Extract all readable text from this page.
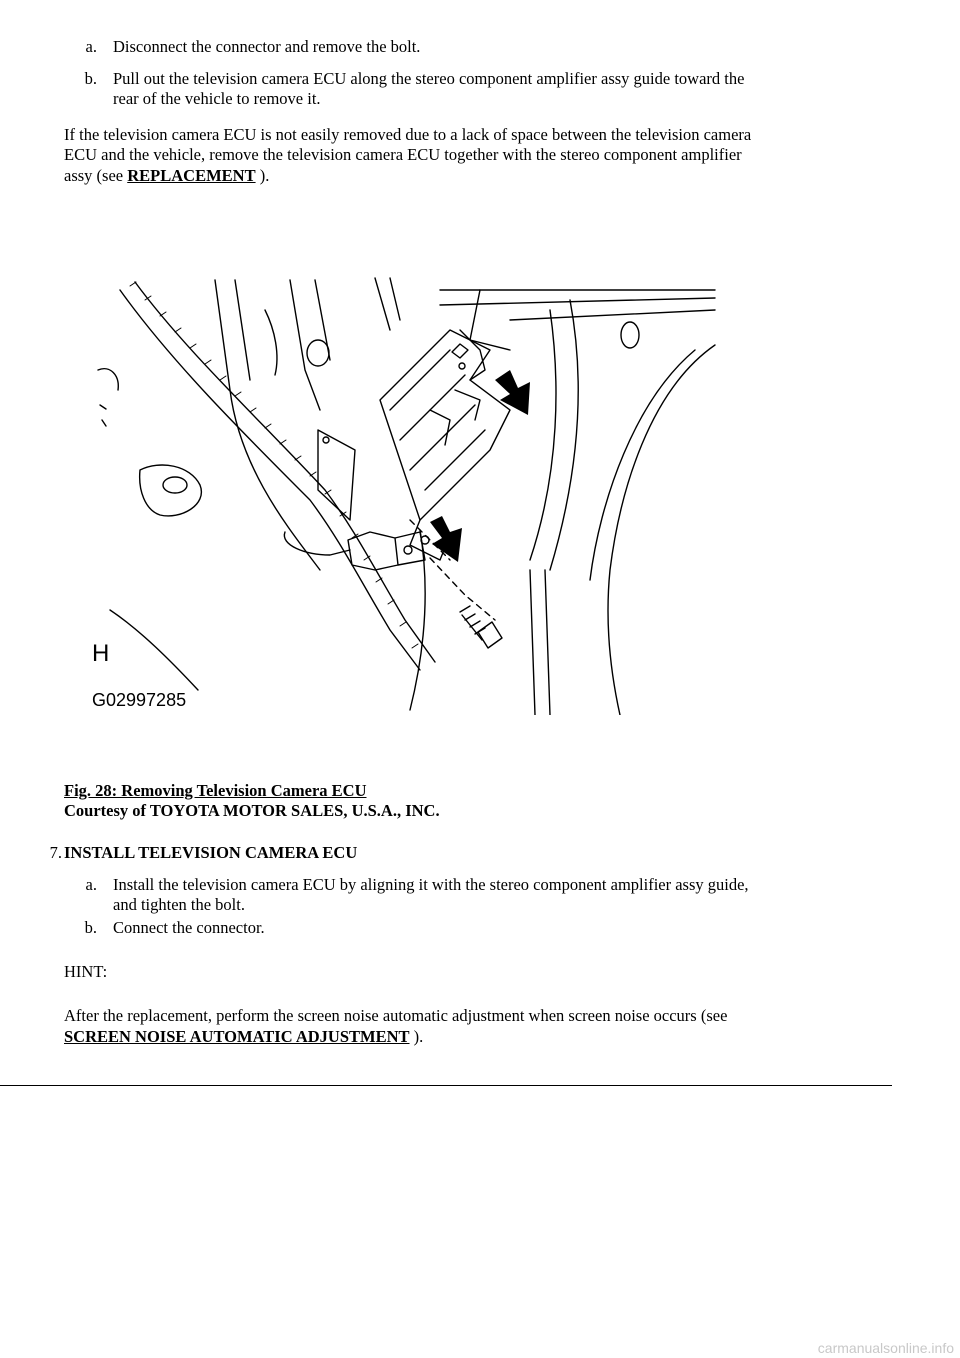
a. Disconnect the connector and remove the bolt.
b. Pull out the television camera ECU along the stereo component amplifier assy guide toward the
rear of the vehicle to remove it.
If the television camera ECU is not easily removed due to a lack of space between the television camera
ECU and the vehicle, remove the television camera ECU together with the stereo component amplifier
assy (see REPLACEMENT ).
H
G02997285
Fig. 28: Removing Television Camera ECU
Courtesy of TOYOTA MOTOR SALES, U.S.A., INC.
7. INSTALL TELEVISION CAMERA ECU
a. Install the television camera ECU by aligning it with the stereo component amplifier assy guide,
and tighten the bolt.
b. Connect the connector.
HINT:
After the replacement, perform the screen noise automatic adjustment when screen noise occurs (see
SCREEN NOISE AUTOMATIC ADJUSTMENT ).
carmanualsonline.info
